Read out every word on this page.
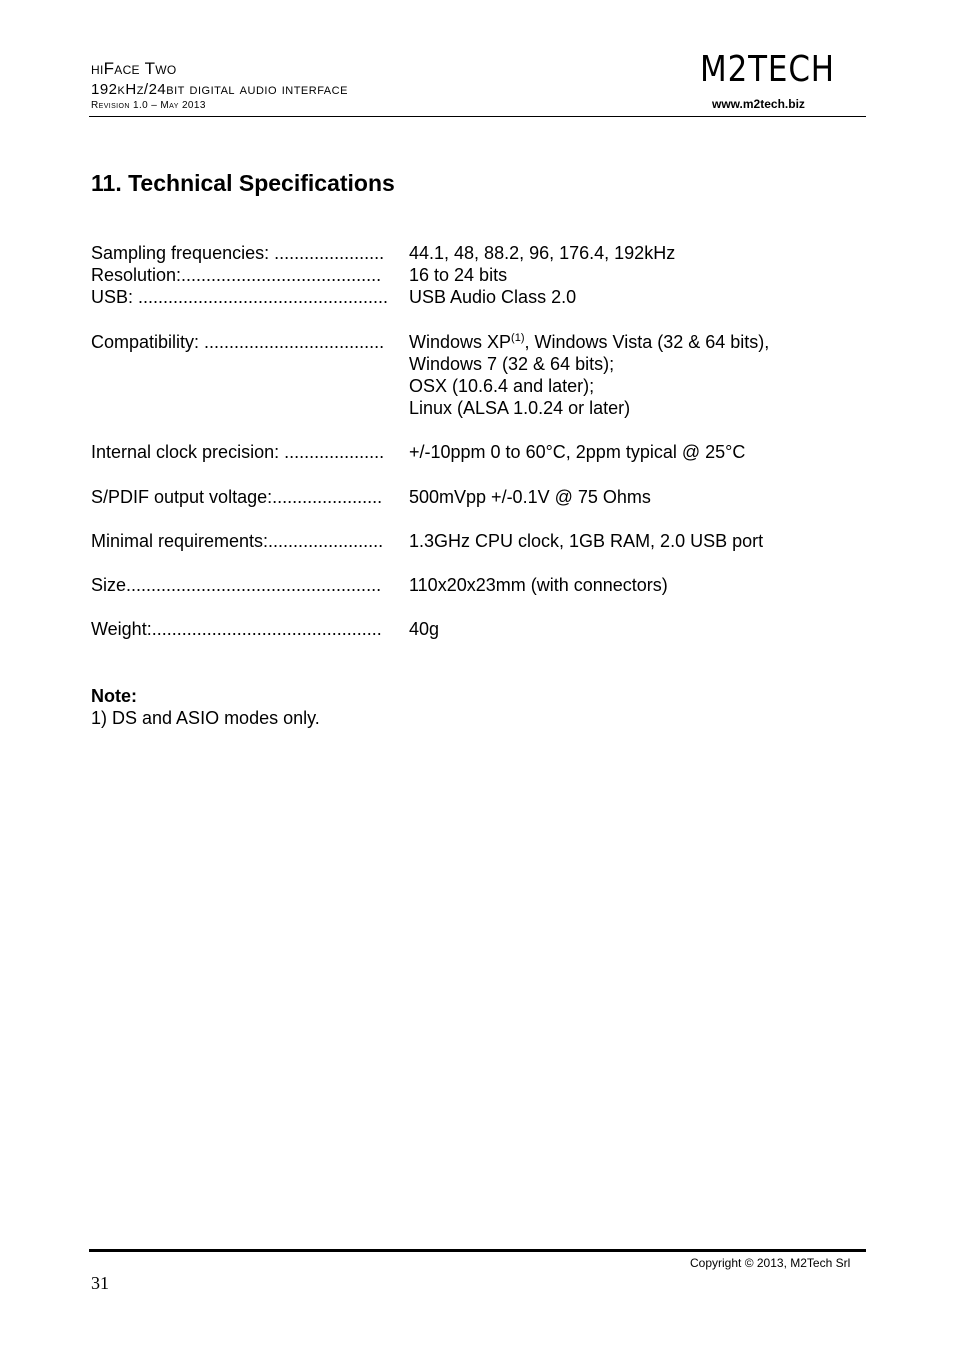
hiFace Two
192kHz/24bit digital audio interface
Revision 1.0 – May 2013
M2TECH
www.m2tech.biz
11. Technical Specifications
Sampling frequencies: ......................	44.1, 48, 88.2, 96, 176.4, 192kHz
Resolution:........................................	16 to 24 bits
USB: ..................................................	USB Audio Class 2.0
Compatibility: ....................................	Windows XP$^{(1)}$, Windows Vista (32 & 64 bits),
Windows 7 (32 & 64 bits);
OSX (10.6.4 and later);
Linux (ALSA 1.0.24 or later)
Internal clock precision: ....................	+/-10ppm 0 to 60°C, 2ppm typical @ 25°C
S/PDIF output voltage:......................	500mVpp +/-0.1V @ 75 Ohms
Minimal requirements:.......................	1.3GHz CPU clock, 1GB RAM, 2.0 USB port
Size...................................................	110x20x23mm (with connectors)
Weight:..............................................	40g
Note:
1) DS and ASIO modes only.
Copyright © 2013, M2Tech Srl
31
